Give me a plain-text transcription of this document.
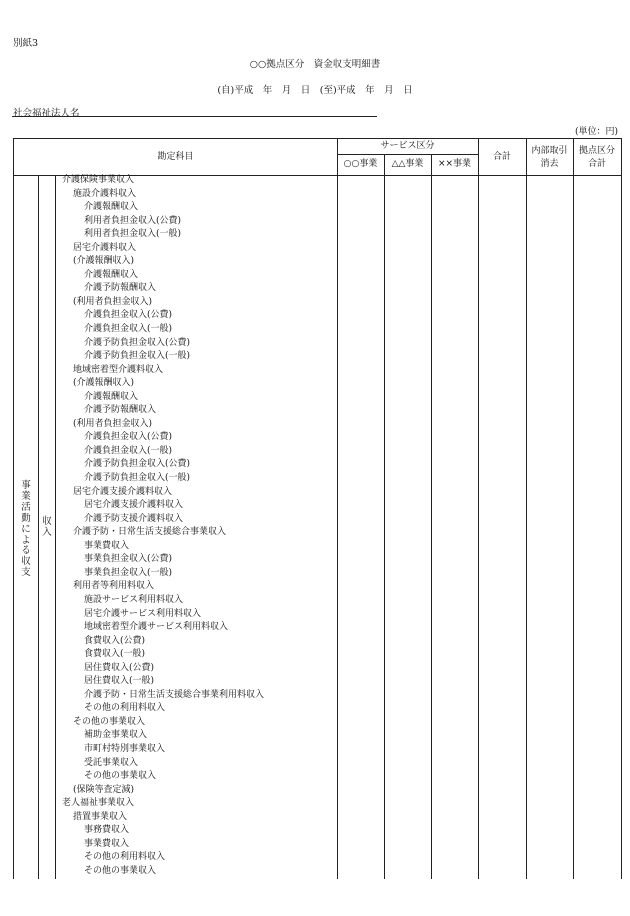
別紙3
○○拠点区分　資金収支明細書
(自)平成　年　月　日　(至)平成　年　月　日
社会福祉法人名
(単位：円)
勘定科目
サービス区分
○○事業	△△事業	××事業
合計
内部取引
消去
拠点区分
合計
事業活動による収支
収入
介護保険事業収入
施設介護料収入
介護報酬収入
利用者負担金収入(公費)
利用者負担金収入(一般)
居宅介護料収入
(介護報酬収入)
介護報酬収入
介護予防報酬収入
(利用者負担金収入)
介護負担金収入(公費)
介護負担金収入(一般)
介護予防負担金収入(公費)
介護予防負担金収入(一般)
地域密着型介護料収入
(介護報酬収入)
介護報酬収入
介護予防報酬収入
(利用者負担金収入)
介護負担金収入(公費)
介護負担金収入(一般)
介護予防負担金収入(公費)
介護予防負担金収入(一般)
居宅介護支援介護料収入
居宅介護支援介護料収入
介護予防支援介護料収入
介護予防・日常生活支援総合事業収入
事業費収入
事業負担金収入(公費)
事業負担金収入(一般)
利用者等利用料収入
施設サービス利用料収入
居宅介護サービス利用料収入
地域密着型介護サービス利用料収入
食費収入(公費)
食費収入(一般)
居住費収入(公費)
居住費収入(一般)
介護予防・日常生活支援総合事業利用料収入
その他の利用料収入
その他の事業収入
補助金事業収入
市町村特別事業収入
受託事業収入
その他の事業収入
(保険等査定減)
老人福祉事業収入
措置事業収入
事務費収入
事業費収入
その他の利用料収入
その他の事業収入
